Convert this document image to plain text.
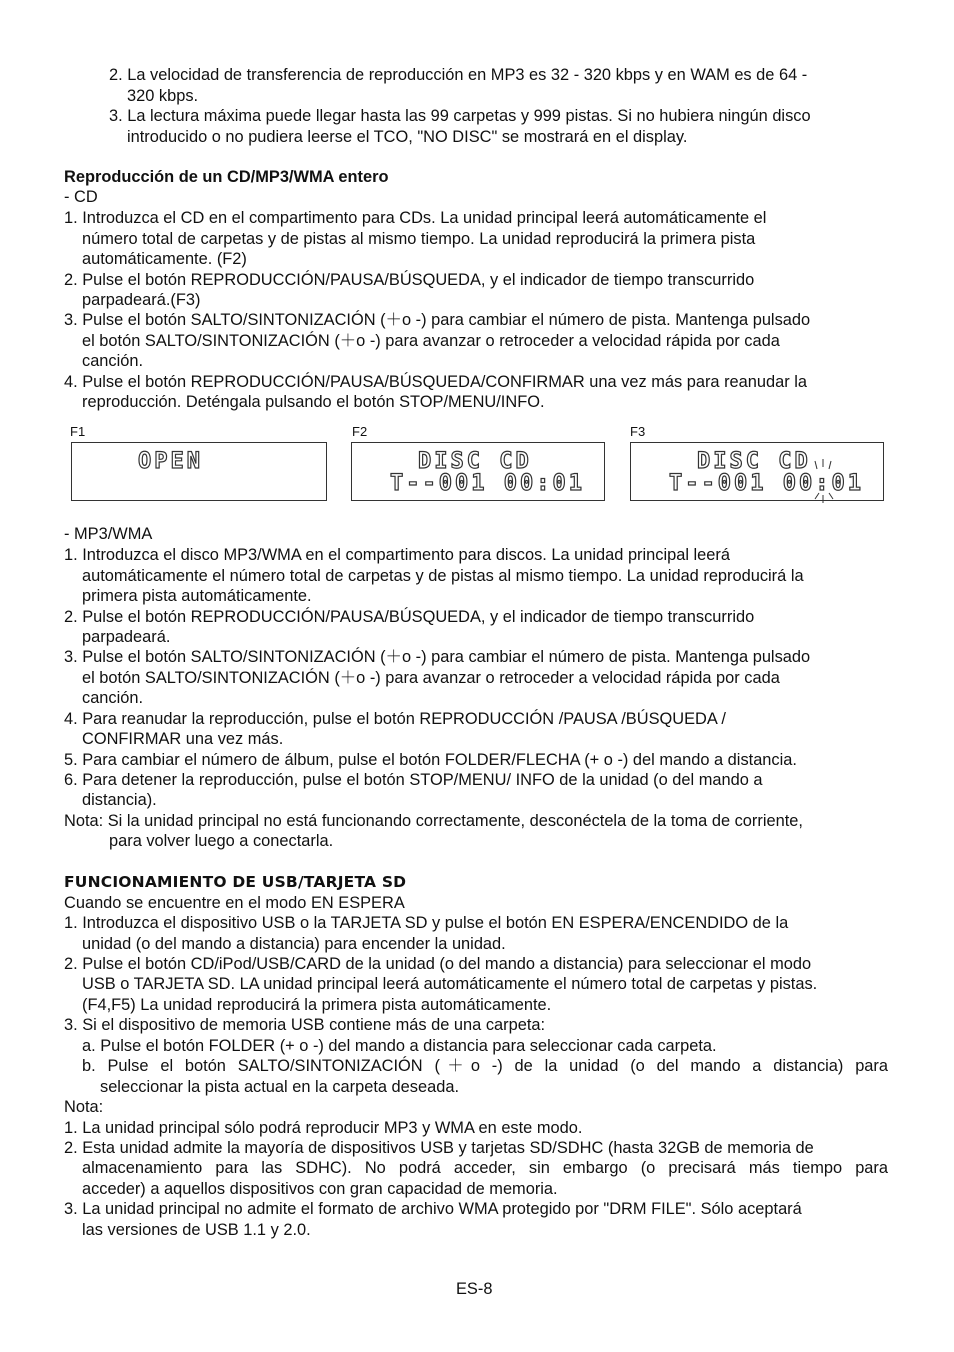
2. La velocidad de transferencia de reproducción en MP3 es 32 - 320 kbps y en WAM es de 64 -
320 kbps.
3. La lectura máxima puede llegar hasta las 99 carpetas y 999 pistas. Si no hubiera ningún disco
introducido o no pudiera leerse el TCO, "NO DISC" se mostrará en el display.
Reproducción de un CD/MP3/WMA entero
- CD
1. Introduzca el CD en el compartimento para CDs. La unidad principal leerá automáticamente el
número total de carpetas y de pistas al mismo tiempo. La unidad reproducirá la primera pista
automáticamente. (F2)
2. Pulse el botón REPRODUCCIÓN/PAUSA/BÚSQUEDA, y el indicador de tiempo transcurrido
parpadeará.(F3)
3. Pulse el botón SALTO/SINTONIZACIÓN (＋o -) para cambiar el número de pista. Mantenga pulsado
el botón SALTO/SINTONIZACIÓN (＋o -) para avanzar o retroceder a velocidad rápida por cada
canción.
4. Pulse el botón REPRODUCCIÓN/PAUSA/BÚSQUEDA/CONFIRMAR una vez más para reanudar la
reproducción. Deténgala pulsando el botón STOP/MENU/INFO.
F1
OPEN
F2
DISC CD
T--001 00:01
F3
DISC CD
T--001 00:01
- MP3/WMA
1. Introduzca el disco MP3/WMA en el compartimento para discos. La unidad principal leerá
automáticamente el número total de carpetas y de pistas al mismo tiempo. La unidad reproducirá la
primera pista automáticamente.
2. Pulse el botón REPRODUCCIÓN/PAUSA/BÚSQUEDA, y el indicador de tiempo transcurrido
parpadeará.
3. Pulse el botón SALTO/SINTONIZACIÓN (＋o -) para cambiar el número de pista. Mantenga pulsado
el botón SALTO/SINTONIZACIÓN (＋o -) para avanzar o retroceder a velocidad rápida por cada
canción.
4. Para reanudar la reproducción, pulse el botón REPRODUCCIÓN /PAUSA /BÚSQUEDA /
CONFIRMAR una vez más.
5. Para cambiar el número de álbum, pulse el botón FOLDER/FLECHA (+ o -) del mando a distancia.
6. Para detener la reproducción, pulse el botón STOP/MENU/ INFO de la unidad (o del mando a
distancia).
Nota: Si la unidad principal no está funcionando correctamente, desconéctela de la toma de corriente,
para volver luego a conectarla.
FUNCIONAMIENTO DE USB/TARJETA SD
Cuando se encuentre en el modo EN ESPERA
1. Introduzca el dispositivo USB o la TARJETA SD y pulse el botón EN ESPERA/ENCENDIDO de la
unidad (o del mando a distancia) para encender la unidad.
2. Pulse el botón CD/iPod/USB/CARD de la unidad (o del mando a distancia) para seleccionar el modo
USB o TARJETA SD. LA unidad principal leerá automáticamente el número total de carpetas y pistas.
(F4,F5) La unidad reproducirá la primera pista automáticamente.
3. Si el dispositivo de memoria USB contiene más de una carpeta:
a. Pulse el botón FOLDER (+ o -) del mando a distancia para seleccionar cada carpeta.
b. Pulse el botón SALTO/SINTONIZACIÓN (＋o -) de la unidad (o del mando a distancia) para
seleccionar la pista actual en la carpeta deseada.
Nota:
1. La unidad principal sólo podrá reproducir MP3 y WMA en este modo.
2. Esta unidad admite la mayoría de dispositivos USB y tarjetas SD/SDHC (hasta 32GB de memoria de
almacenamiento para las SDHC). No podrá acceder, sin embargo (o precisará más tiempo para
acceder) a aquellos dispositivos con gran capacidad de memoria.
3. La unidad principal no admite el formato de archivo WMA protegido por "DRM FILE". Sólo aceptará
las versiones de USB 1.1 y 2.0.
ES-8
